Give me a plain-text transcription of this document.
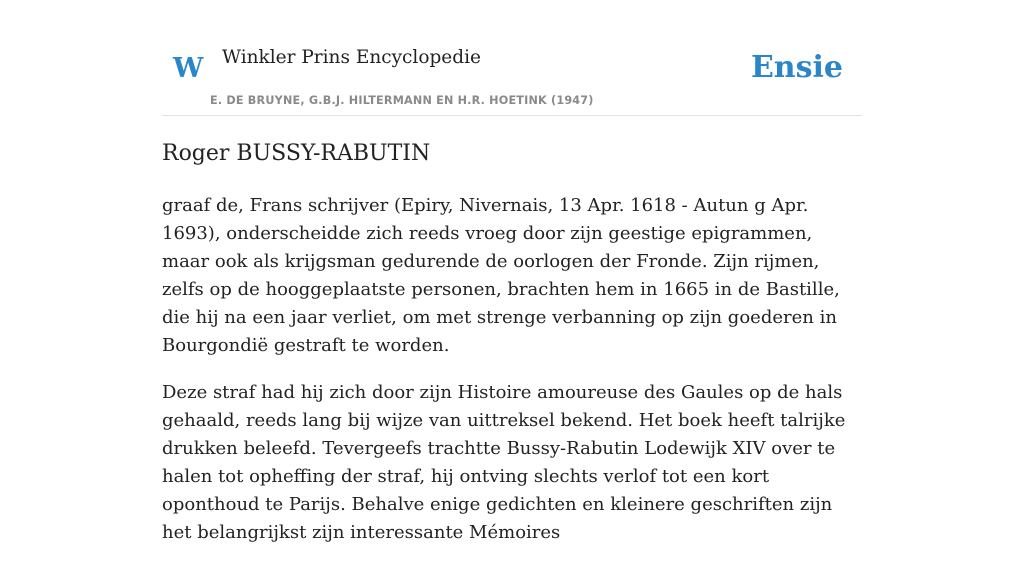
W Winkler Prins Encyclopedie
E. DE BRUYNE, G.B.J. HILTERMANN EN H.R. HOETINK (1947)
Ensie
Roger BUSSY-RABUTIN

graaf de, Frans schrijver (Epiry, Nivernais, 13 Apr. 1618 - Autun g Apr. 1693), onderscheidde zich reeds vroeg door zijn geestige epigrammen, maar ook als krijgsman gedurende de oorlogen der Fronde. Zijn rijmen, zelfs op de hooggeplaatste personen, brachten hem in 1665 in de Bastille, die hij na een jaar verliet, om met strenge verbanning op zijn goederen in Bourgondië gestraft te worden.

Deze straf had hij zich door zijn Histoire amoureuse des Gaules op de hals gehaald, reeds lang bij wijze van uittreksel bekend. Het boek heeft talrijke drukken beleefd. Tevergeefs trachtte Bussy-Rabutin Lodewijk XIV over te halen tot opheffing der straf, hij ontving slechts verlof tot een kort oponthoud te Parijs. Behalve enige gedichten en kleinere geschriften zijn het belangrijkst zijn interessante Mémoires
